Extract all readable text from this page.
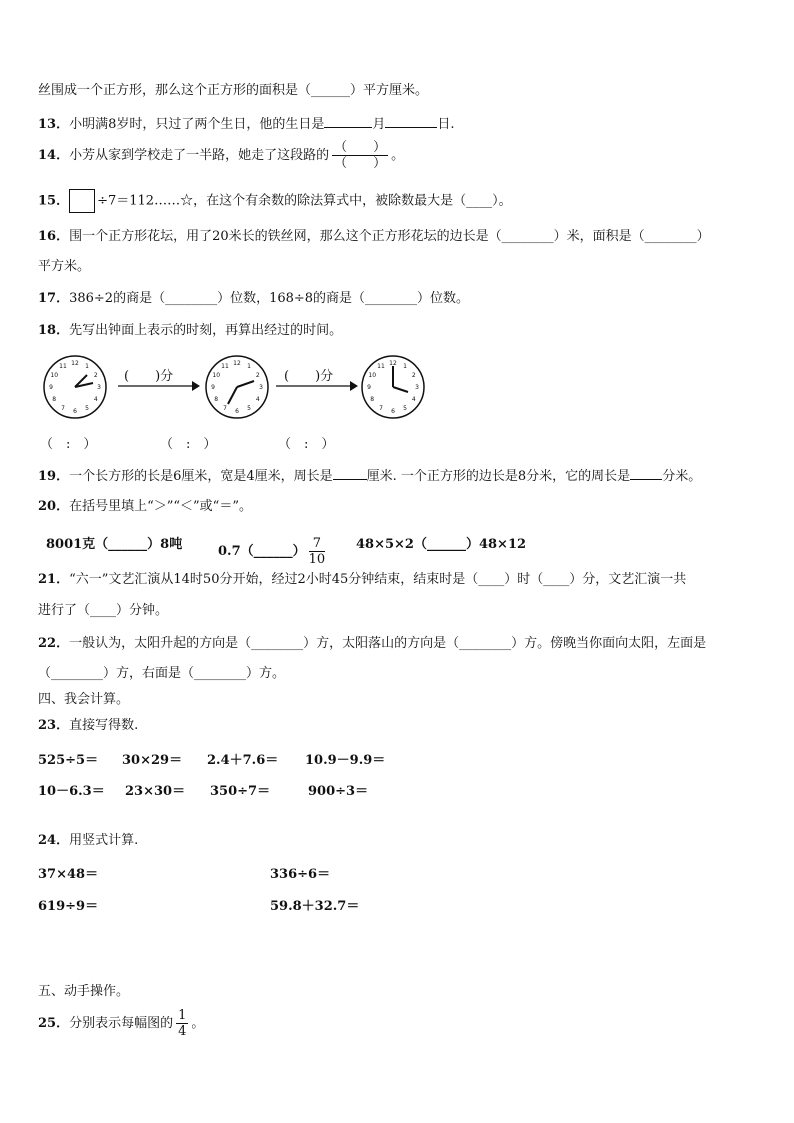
丝围成一个正方形，那么这个正方形的面积是（______）平方厘米。
13．小明满8岁时，只过了两个生日，他的生日是	月	日.
14．小芳从家到学校走了一半路，她走了这段路的 $\frac{( )}{( )}$ 。
15． ÷7＝112……☆，在这个有余数的除法算式中，被除数最大是（____）。
16．围一个正方形花坛，用了20米长的铁丝网，那么这个正方形花坛的边长是（________）米，面积是（________）
平方米。
17．386÷2的商是（________）位数，168÷8的商是（________）位数。
18．先写出钟面上表示的时刻，再算出经过的时间。
1
2
3
4
5
6
7
8
9
10
11 12	1
2
3
4
5
6
7
8
9
10
11 12	1
2
3
4
5
6
7
8
9
10
11 12
(　　)分	(　　)分
（　:　）	（　:　）	（　:　）
19．一个长方形的长是6厘米，宽是4厘米，周长是	厘米. 一个正方形的边长是8分米，它的周长是 分米。
20．在括号里填上“＞”“＜”或“＝”。
8001克（______）8吨	0.7（______） $\frac{7}{10}$ 48×5×2（______）48×12
21．“六一”文艺汇演从14时50分开始，经过2小时45分钟结束，结束时是（____）时（____）分，文艺汇演一共
进行了（____）分钟。
22．一般认为，太阳升起的方向是（________）方，太阳落山的方向是（________）方。傍晚当你面向太阳，左面是
（________）方，右面是（________）方。
四、我会计算。
23．直接写得数.
525÷5＝ 30×29＝ 2.4＋7.6＝ 10.9－9.9＝
10－6.3＝ 23×30＝ 350÷7＝	900÷3＝
24．用竖式计算.
37×48＝	336÷6＝
619÷9＝	59.8＋32.7＝
五、动手操作。
25．分别表示每幅图的 $\frac{1}{4}$ 。
